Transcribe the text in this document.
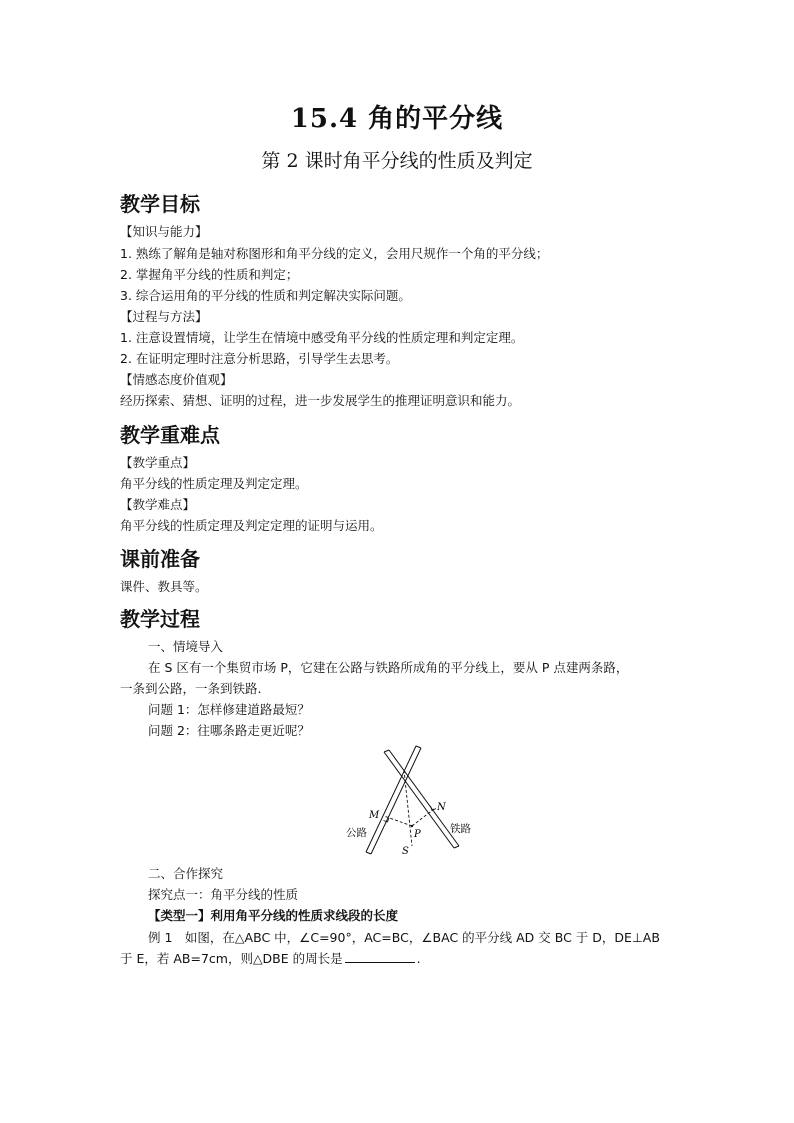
15.4 角的平分线
第 2 课时角平分线的性质及判定
教学目标
【知识与能力】
1. 熟练了解角是轴对称图形和角平分线的定义，会用尺规作一个角的平分线；
2. 掌握角平分线的性质和判定；
3. 综合运用角的平分线的性质和判定解决实际问题。
【过程与方法】
1. 注意设置情境，让学生在情境中感受角平分线的性质定理和判定定理。
2. 在证明定理时注意分析思路，引导学生去思考。
【情感态度价值观】
经历探索、猜想、证明的过程，进一步发展学生的推理证明意识和能力。
教学重难点
【教学重点】
角平分线的性质定理及判定定理。
【教学难点】
角平分线的性质定理及判定定理的证明与运用。
课前准备
课件、教具等。
教学过程
一、情境导入
在 S 区有一个集贸市场 P，它建在公路与铁路所成角的平分线上，要从 P 点建两条路，
一条到公路，一条到铁路.
问题 1：怎样修建道路最短？
问题 2：往哪条路走更近呢？
M
N
P
S
公路	铁路
二、合作探究
探究点一：角平分线的性质
【类型一】利用角平分线的性质求线段的长度
例 1　如图，在△ABC 中，∠C=90°，AC=BC，∠BAC 的平分线 AD 交 BC 于 D，DE⊥AB
于 E，若 AB=7cm，则△DBE 的周长是	.
